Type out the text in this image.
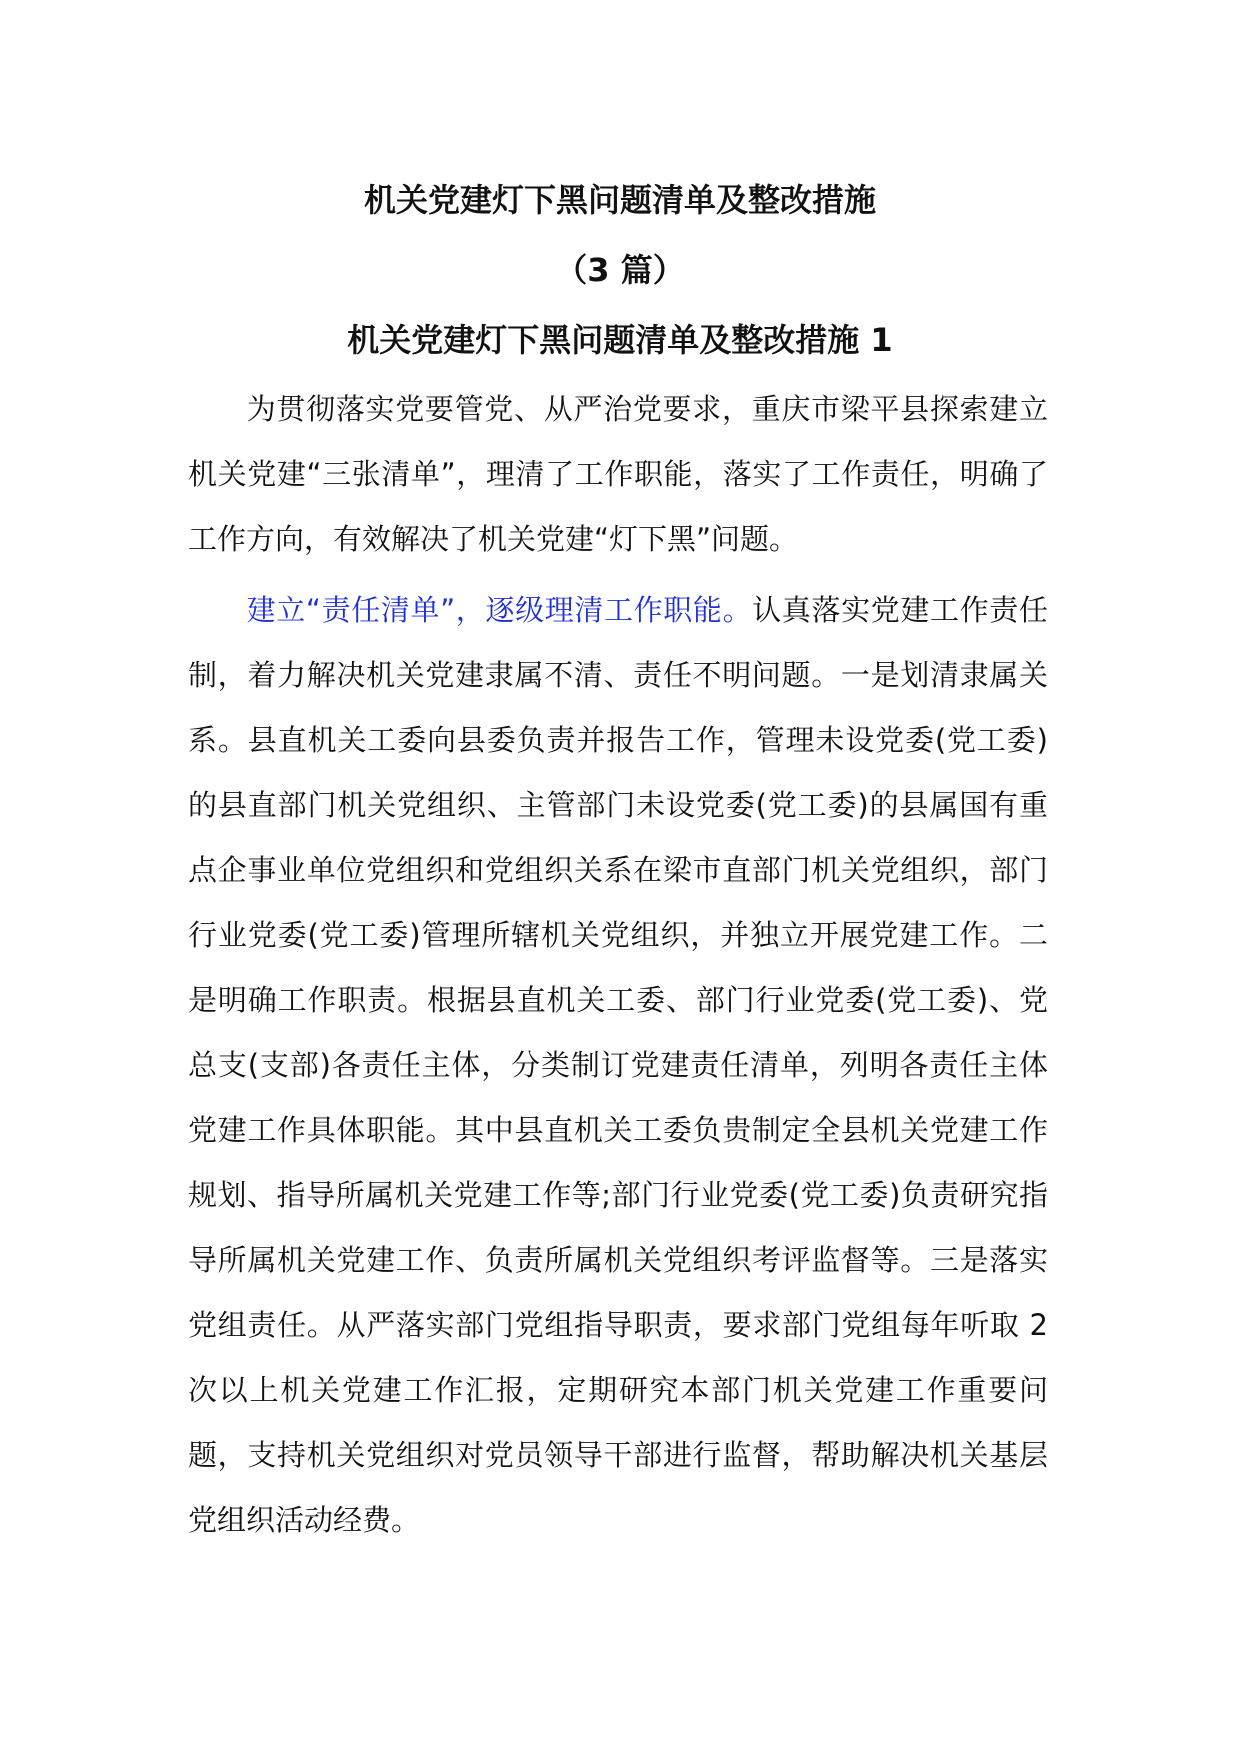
机关党建灯下黑问题清单及整改措施
（3 篇）
机关党建灯下黑问题清单及整改措施 1

为贯彻落实党要管党、从严治党要求，重庆市梁平县探索建立机关党建“三张清单”，理清了工作职能，落实了工作责任，明确了工作方向，有效解决了机关党建“灯下黑”问题。

建立“责任清单”，逐级理清工作职能。认真落实党建工作责任制，着力解决机关党建隶属不清、责任不明问题。一是划清隶属关系。县直机关工委向县委负责并报告工作，管理未设党委(党工委)的县直部门机关党组织、主管部门未设党委(党工委)的县属国有重点企事业单位党组织和党组织关系在梁市直部门机关党组织，部门行业党委(党工委)管理所辖机关党组织，并独立开展党建工作。二是明确工作职责。根据县直机关工委、部门行业党委(党工委)、党总支(支部)各责任主体，分类制订党建责任清单，列明各责任主体党建工作具体职能。其中县直机关工委负贵制定全县机关党建工作规划、指导所属机关党建工作等;部门行业党委(党工委)负责研究指导所属机关党建工作、负责所属机关党组织考评监督等。三是落实党组责任。从严落实部门党组指导职责，要求部门党组每年听取 2 次以上机关党建工作汇报，定期研究本部门机关党建工作重要问题，支持机关党组织对党员领导干部进行监督，帮助解决机关基层党组织活动经费。
